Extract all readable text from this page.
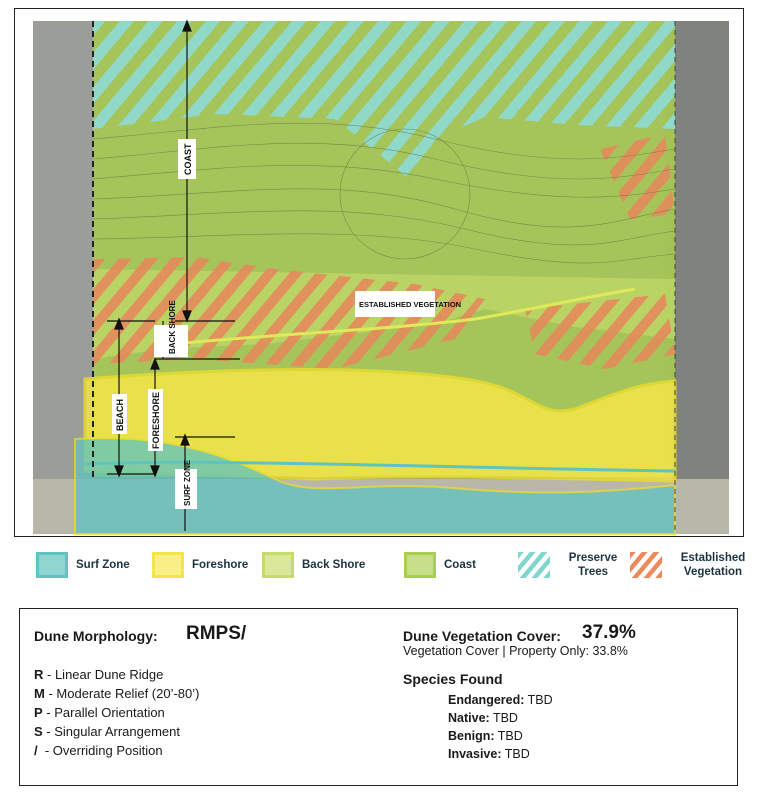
COAST
BACK SHORE
BEACH	FORESHORE
SURF ZONE
ESTABLISHED VEGETATION
Surf Zone	Foreshore	Back Shore	Coast
Preserve Trees
Established Vegetation
Dune Morphology: RMPS/
R - Linear Dune Ridge
M - Moderate Relief (20’-80’)
P - Parallel Orientation
S - Singular Arrangement
/  - Overriding Position
Dune Vegetation Cover: 37.9%
Vegetation Cover | Property Only: 33.8%
Species Found
Endangered: TBD
Native: TBD
Benign: TBD
Invasive: TBD
